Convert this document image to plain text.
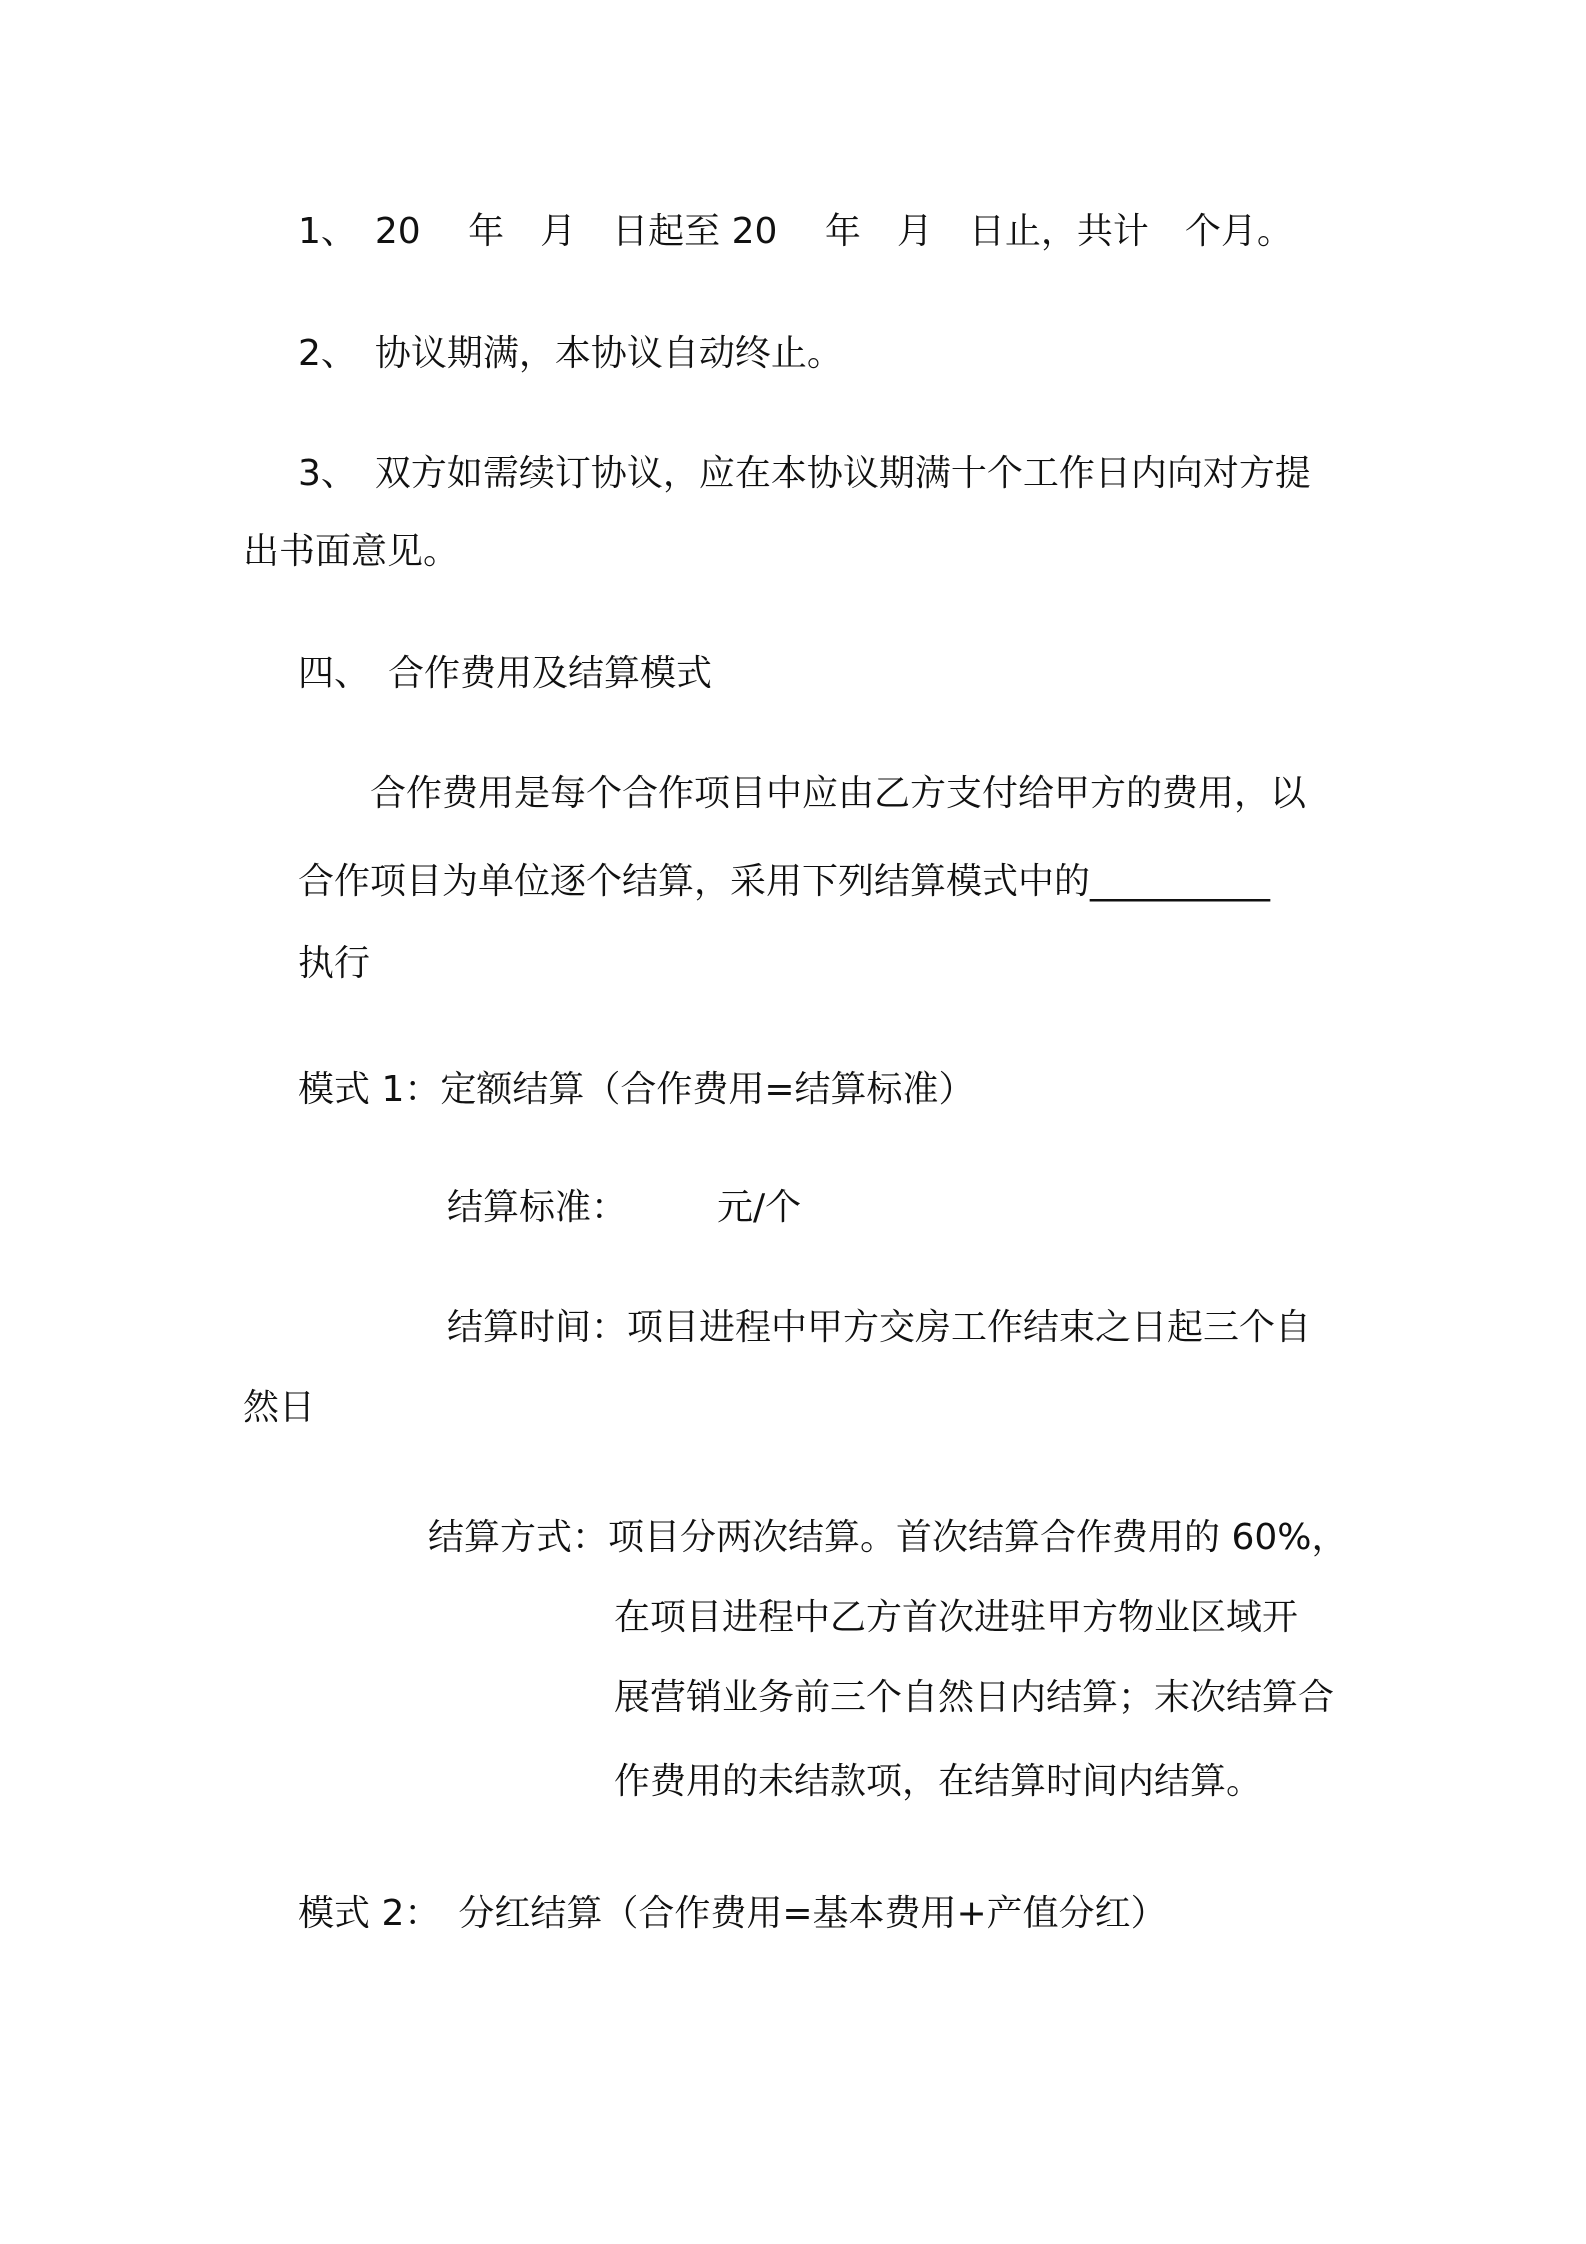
1、　20　 年　月　日起至 20　 年　月　日止，共计　个月。

2、　协议期满，本协议自动终止。

3、　双方如需续订协议，应在本协议期满十个工作日内向对方提

出书面意见。

四、　合作费用及结算模式

　　合作费用是每个合作项目中应由乙方支付给甲方的费用，以

合作项目为单位逐个结算，采用下列结算模式中的__________

执行

模式 1：定额结算（合作费用=结算标准）

结算标准：　　　元/个

结算时间：项目进程中甲方交房工作结束之日起三个自

然日

结算方式：项目分两次结算。首次结算合作费用的 60%，

在项目进程中乙方首次进驻甲方物业区域开

展营销业务前三个自然日内结算；末次结算合

作费用的未结款项，在结算时间内结算。

模式 2：　分红结算（合作费用=基本费用+产值分红）
